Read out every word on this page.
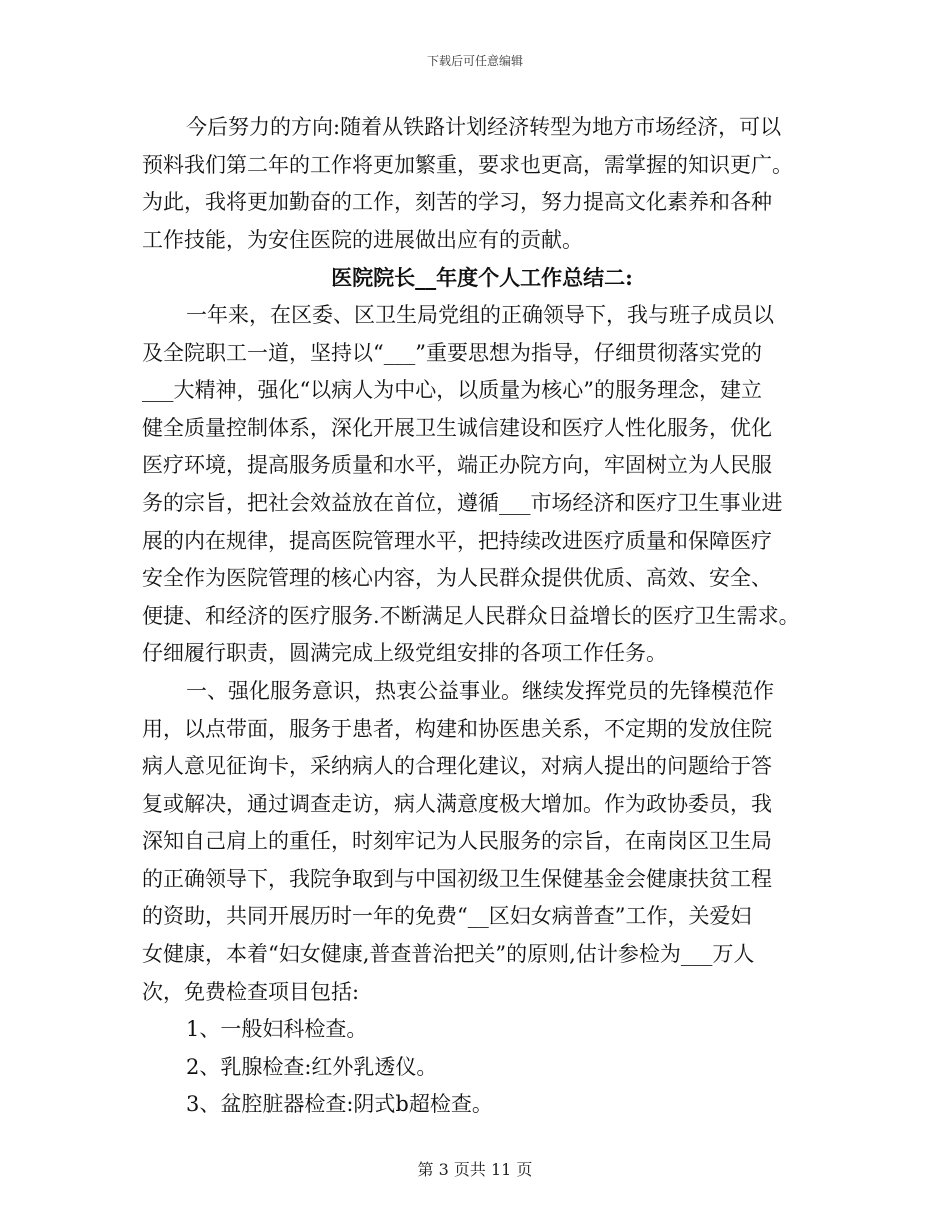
下载后可任意编辑
今后努力的方向:随着从铁路计划经济转型为地方市场经济，可以
预料我们第二年的工作将更加繁重，要求也更高，需掌握的知识更广。
为此，我将更加勤奋的工作，刻苦的学习，努力提高文化素养和各种
工作技能，为安住医院的进展做出应有的贡献。
医院院长__年度个人工作总结二:
一年来，在区委、区卫生局党组的正确领导下，我与班子成员以
及全院职工一道，坚持以“___”重要思想为指导，仔细贯彻落实党的
___大精神，强化“以病人为中心，以质量为核心”的服务理念，建立
健全质量控制体系，深化开展卫生诚信建设和医疗人性化服务，优化
医疗环境，提高服务质量和水平，端正办院方向，牢固树立为人民服
务的宗旨，把社会效益放在首位，遵循___市场经济和医疗卫生事业进
展的内在规律，提高医院管理水平，把持续改进医疗质量和保障医疗
安全作为医院管理的核心内容，为人民群众提供优质、高效、安全、
便捷、和经济的医疗服务.不断满足人民群众日益增长的医疗卫生需求。
仔细履行职责，圆满完成上级党组安排的各项工作任务。
一、强化服务意识，热衷公益事业。继续发挥党员的先锋模范作
用，以点带面，服务于患者，构建和协医患关系，不定期的发放住院
病人意见征询卡，采纳病人的合理化建议，对病人提出的问题给于答
复或解决，通过调查走访，病人满意度极大增加。作为政协委员，我
深知自己肩上的重任，时刻牢记为人民服务的宗旨，在南岗区卫生局
的正确领导下，我院争取到与中国初级卫生保健基金会健康扶贫工程
的资助，共同开展历时一年的免费“__区妇女病普查”工作，关爱妇
女健康，本着“妇女健康,普查普治把关”的原则,估计参检为___万人
次，免费检查项目包括:
1、一般妇科检查。
2、乳腺检查:红外乳透仪。
3、盆腔脏器检查:阴式b超检查。
第 3 页共 11 页
